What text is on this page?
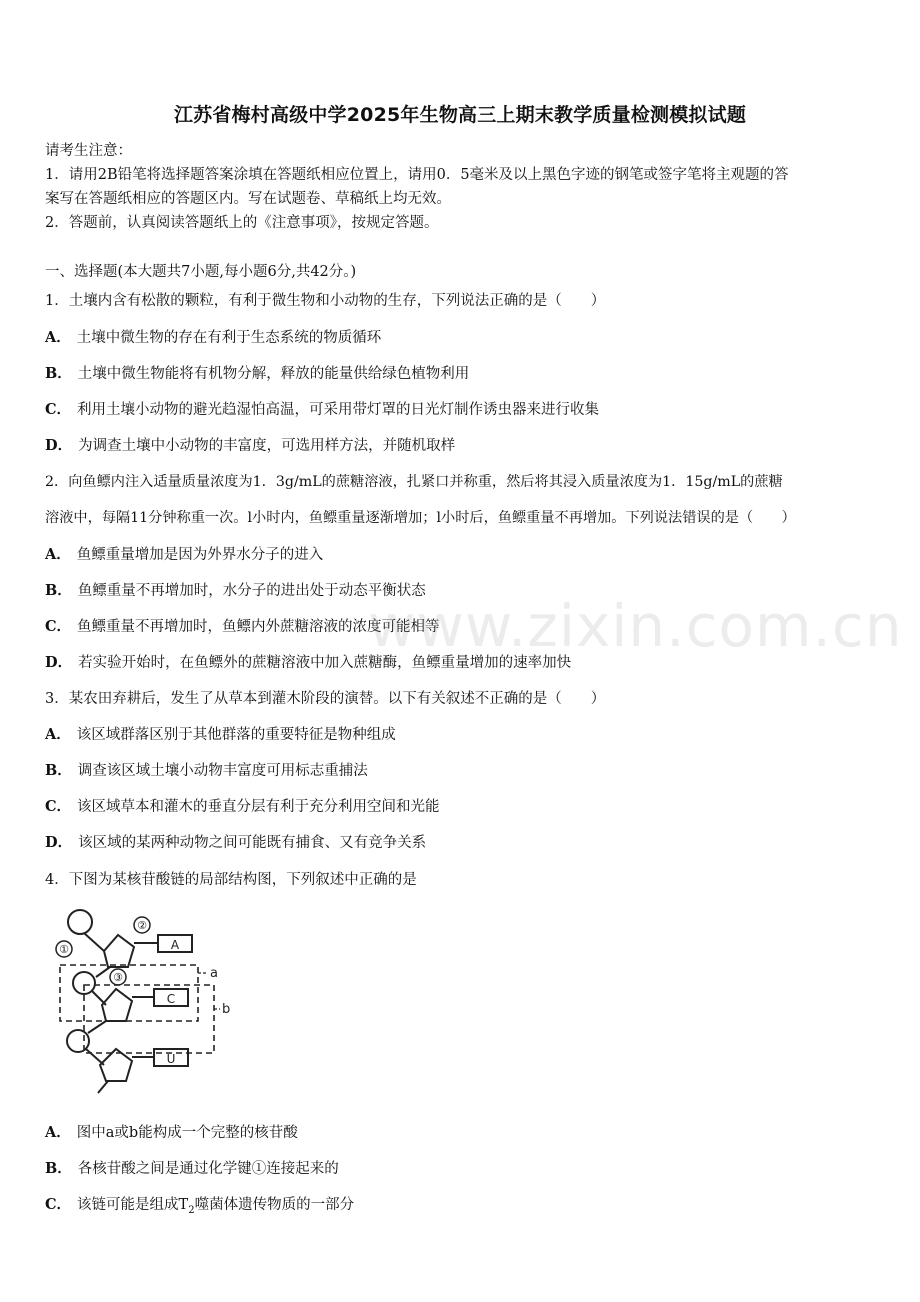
江苏省梅村高级中学2025年生物高三上期末教学质量检测模拟试题
请考生注意：
1．请用2B铅笔将选择题答案涂填在答题纸相应位置上，请用0．5毫米及以上黑色字迹的钢笔或签字笔将主观题的答
案写在答题纸相应的答题区内。写在试题卷、草稿纸上均无效。
2．答题前，认真阅读答题纸上的《注意事项》，按规定答题。
一、选择题(本大题共7小题,每小题6分,共42分。)
1．土壤内含有松散的颗粒，有利于微生物和小动物的生存，下列说法正确的是（　　）
A． 土壤中微生物的存在有利于生态系统的物质循环
B． 土壤中微生物能将有机物分解，释放的能量供给绿色植物利用
C． 利用土壤小动物的避光趋湿怕高温，可采用带灯罩的日光灯制作诱虫器来进行收集
D． 为调查土壤中小动物的丰富度，可选用样方法，并随机取样
2．向鱼鳔内注入适量质量浓度为1．3g/mL的蔗糖溶液，扎紧口并称重，然后将其浸入质量浓度为1．15g/mL的蔗糖
溶液中，每隔11分钟称重一次。l小时内，鱼鳔重量逐渐增加；l小时后，鱼鳔重量不再增加。下列说法错误的是（　　）
A． 鱼鳔重量增加是因为外界水分子的进入
B． 鱼鳔重量不再增加时，水分子的进出处于动态平衡状态
C． 鱼鳔重量不再增加时，鱼鳔内外蔗糖溶液的浓度可能相等
D． 若实验开始时，在鱼鳔外的蔗糖溶液中加入蔗糖酶，鱼鳔重量增加的速率加快
3．某农田弃耕后，发生了从草本到灌木阶段的演替。以下有关叙述不正确的是（　　）
A． 该区域群落区别于其他群落的重要特征是物种组成
B． 调查该区域土壤小动物丰富度可用标志重捕法
C． 该区域草本和灌木的垂直分层有利于充分利用空间和光能
D． 该区域的某两种动物之间可能既有捕食、又有竞争关系
4．下图为某核苷酸链的局部结构图，下列叙述中正确的是
A
C
U
①
②
③	a
b
A． 图中a或b能构成一个完整的核苷酸
B． 各核苷酸之间是通过化学键①连接起来的
C． 该链可能是组成$T_2$噬菌体遗传物质的一部分
www.zixin.com.cn
